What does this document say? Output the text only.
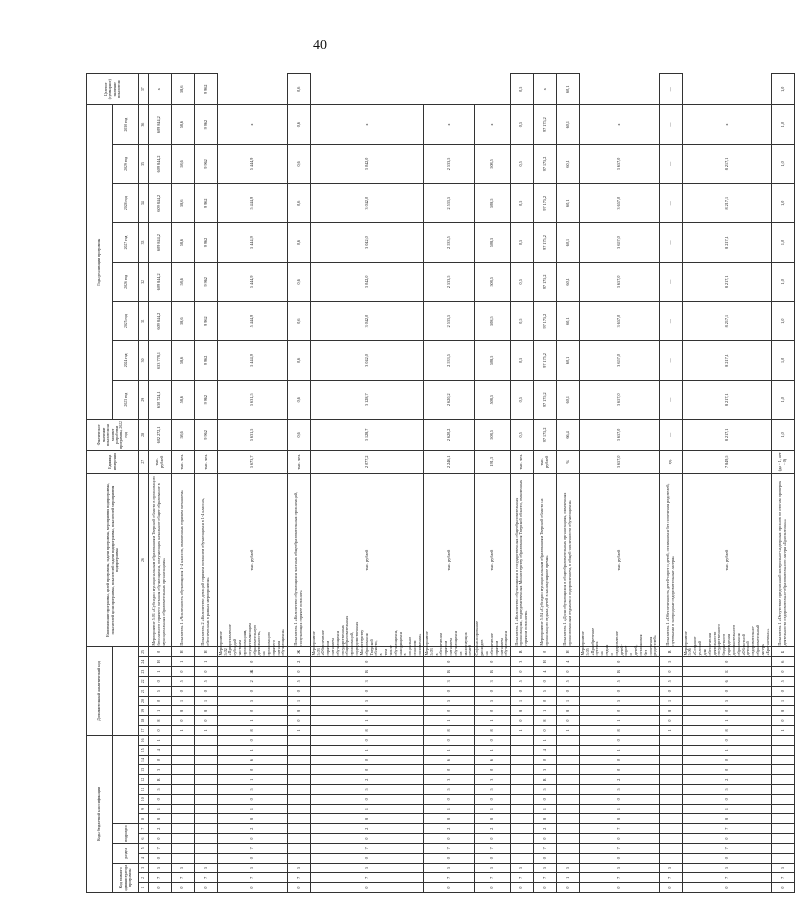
40
Коды бюджетной классификации																Дополнительный аналитический код									Наименование программы, целей программы, задачи программы, мероприятия подпрограммы, показателей цели программы, показателей задачи подпрограммы, показателей мероприятия подпрограммы	Единица измерения	Фактическое значение показателя на момент разработки программы, 2022 год	Годы реализации программы								Целевое (суммарное) значение показателя
Код главного администратора программы			раздел		подраздел																							2023 год	2024 год	2025 год	2026 год	2027 год	2028 год	2029 год	2030 год	
1	2	3	4	5	6	7	8	9	10	11	12	13	14	15	16	17	18	19	20	21	22	23	24	25	26	27	28	29	30	31	32	33	34	35	36	37
0	7	5	0	7	0	2	8	1	0	5	R	3	0	4	1	0	8	1	0	5	0	1	Н	0	Мероприятие 5.01 «Субсидии муниципальным образованиям Тверской области в организацию бесплатного горячего питания обучающихся, получающих начальное общее образование в муниципальных образовательных организациях»	тыс. рублей	602 272,1	630 724,1	633 778,1	609 844,2	609 844,2	609 844,2	609 844,2	609 844,2	609 844,2	x
0	7	5														1	0	8	1	0	5	0	1	Н	Показатель 1 «Численность обучающихся 1-4 классов, охваченных горячим питанием»	тыс. чел.	58,6	58,6	58,6	58,6	58,6	58,6	58,6	58,6	58,6	58,6
0	7	5														1	0	8	1	0	5	0	1	Н	Показатель 2 «Количество дотаций горячим питанием обучающихся в 1-4 классах, обеспеченных в рамках мероприятия»	тыс. чел.	9 962	9 962	9 962	9 962	9 962	9 962	9 962	9 962	9 962	9 962
0	7	5	0	7	0	2	8	1	0	5	1	0	6	1	0	8	1	0	5	0	2	Ж	0	Мероприятие 5.02 «Предоставление субсидий частным организациям, осуществляющим образовательную деятельность, на организацию горячего питания обучающихся»	тыс. рублей	5 673,7	5 631,5	5 631,5	5 444,9	5 444,9	5 444,9	5 444,9	5 444,9	5 444,9	x	
0	7	5														1	0	8	1	0	5	0	2	Ж	Показатель 1 «Количество обучающихся частных общеобразовательных организаций, получающих горячее питание»	тыс. чел.	0,6	0,6	0,6	0,6	0,6	0,6	0,6	0,6	0,6	0,6
0	7	5	0	7	0	2	8	1	0	5	2	0	0	1	0	8	1	0	5	0	3	В	0	Мероприятие 5.03 «Обеспечение горячим питанием обучающихся государственных общеобразовательных организаций, подведомственных Министерству образования Тверской области, в том числе обучающихся, находящихся в социально опасном положении»	тыс. рублей	2 077,2	3 128,7	3 128,7	3 042,0	3 042,0	3 042,0	3 042,0	3 042,0	3 042,0	x	
0	7	5	0	7	0	2	8	1	0	5	3	0	6	1	0	8	1	0	5	0	3	В	0	Мероприятие 5.03 в обеспечении горячим питанием обучающихся из малоимущих семей	тыс. рублей	2 246,1	2 620,2	2 620,2	2 533,5	2 533,5	2 533,5	2 533,5	2 533,5	2 533,5	x	
0	7	5	0	7	0	2	8	1	0	5	3	0	6	1	0	8	1	0	5	0	3	В	0	Софинансирование расходов на обеспечение горячим питанием обучающихся	тыс. рублей	191,3	508,5	508,5	508,5	508,5	508,5	508,5	508,5	508,5	x	
0	7	5														1	0	8	1	0	5	0	3	В	Показатель 1 «Количество обучающихся в государственных общеобразовательных организациях, подведомственных Министерству образования Тверской области, охваченных горячим питанием»	тыс. чел.	0,5	0,5	0,5	0,5	0,5	0,5	0,5	0,5	0,5	0,5
0	7	5	0	7	0	2	8	1	0	5	R	3	0	4	1	0	8	1	0	5	0	4	Н	0	Мероприятие 5.04 «Субсидии муниципальным образованиям Тверской области на организацию отдыха детей в каникулярное время»	тыс. рублей	97 175,2	97 175,2	97 175,2	97 175,2	97 175,2	97 175,2	97 175,2	97 175,2	97 175,2	x
0	1	5														1	0	8	1	0	5	0	4	Н	Показатель 1 «Доля обучающихся в общеобразовательных организациях, охваченных организованным отдыхом и оздоровлением, в общей численности обучающихся»	%	66,4	60,1	60,1	60,1	60,1	60,1	60,1	60,1	60,1	60,1
0	7	5	0	7	0	7	8	1	0	5	2	0	0	1	0	8	1	0	5	0	5	В	0	Мероприятие 5.05 «Приобретение путевок на отдых и оздоровление детей-сирот и детей, оставшихся без попечения родителей»	тыс. рублей	3 657,0	3 657,0	3 657,0	3 657,0	3 657,0	3 657,0	3 657,0	3 657,0	3 657,0	x	
0	7	5														1	0	8	1	0	5	0	5	В	Показатель 1 «Обеспеченность детей-сирот и детей, оставшихся без попечения родителей, путевками в загородные оздоровительные лагеря»	ед.	—	—	—	—	—	—	—	—	—	—
0	7	5	0	7	0	7	8	1	0	5	2	0	0	1	0	8	1	0	5	0	6	Б	0	Мероприятие 5.06 «Создание условий для обеспечения деятельности государственного бюджетного учреждения дополнительного образования «Областной детский оздоровительно-образовательный лагерь «Бригантина»»	тыс. рублей	7 849,5	8 217,1	8 217,1	8 217,1	8 217,1	8 217,1	8 217,1	8 217,1	8 217,1	x	
0	7	5														1	0	8	1	0	5	0	6	Б	Показатель 1 «Отсутствие предписаний контрольно-надзорных органов по итогам проверок деятельности оздоровительно-образовательного лагеря «Бригантина»»	(да - 1, нет - 0)	1,0	1,0	1,0	1,0	1,0	1,0	1,0	1,0	1,0	1,0
